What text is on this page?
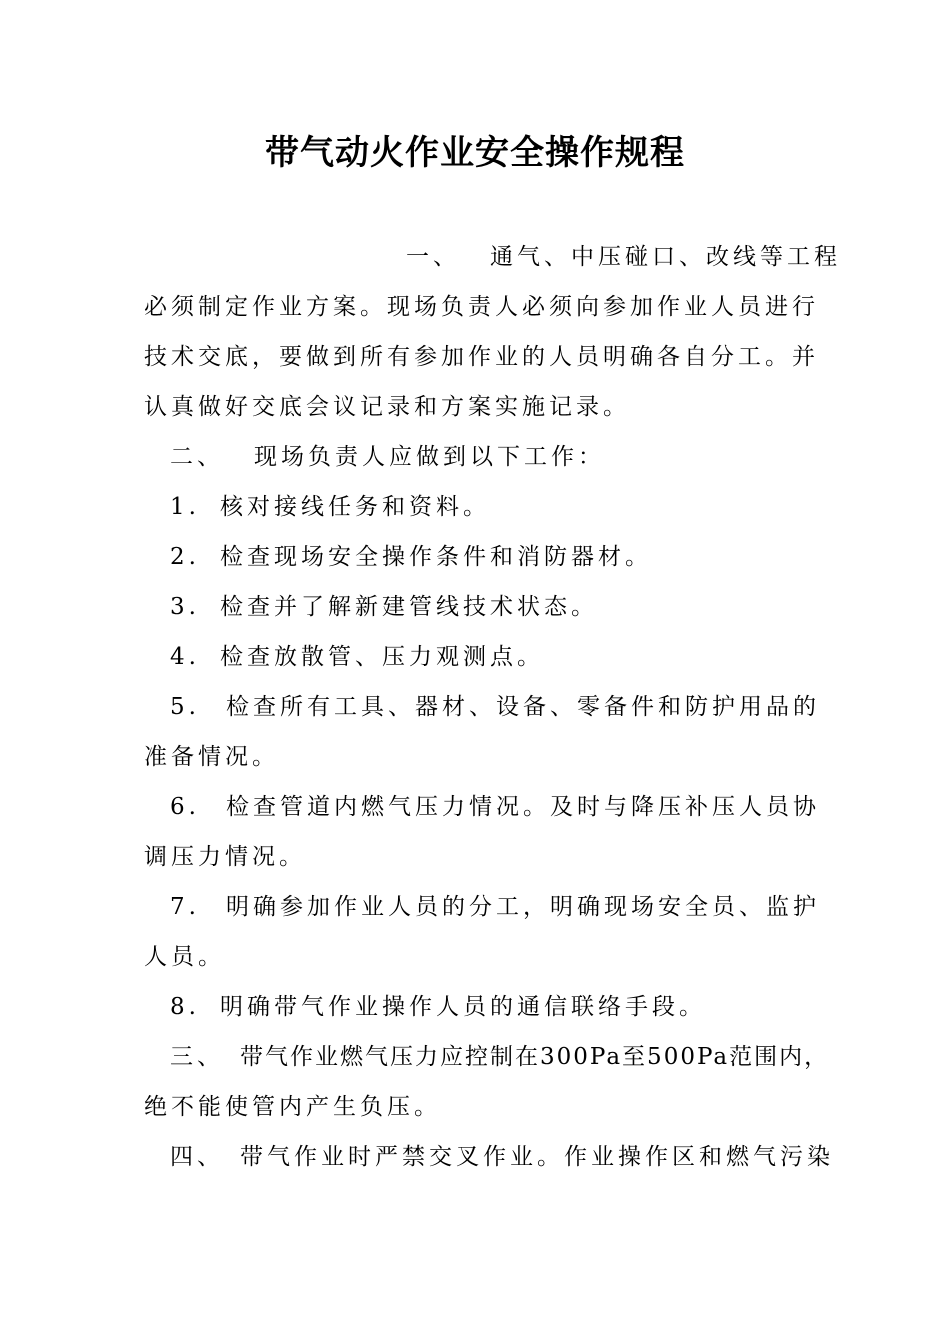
带气动火作业安全操作规程

一、 通气、中压碰口、改线等工程

必须制定作业方案。现场负责人必须向参加作业人员进行

技术交底，要做到所有参加作业的人员明确各自分工。并

认真做好交底会议记录和方案实施记录。

二、 现场负责人应做到以下工作：

1. 核对接线任务和资料。

2. 检查现场安全操作条件和消防器材。

3. 检查并了解新建管线技术状态。

4. 检查放散管、压力观测点。

5. 检查所有工具、器材、设备、零备件和防护用品的

准备情况。

6. 检查管道内燃气压力情况。及时与降压补压人员协

调压力情况。

7. 明确参加作业人员的分工，明确现场安全员、监护

人员。

8. 明确带气作业操作人员的通信联络手段。

三、 带气作业燃气压力应控制在300Pa至500Pa范围内，

绝不能使管内产生负压。

四、 带气作业时严禁交叉作业。作业操作区和燃气污染
